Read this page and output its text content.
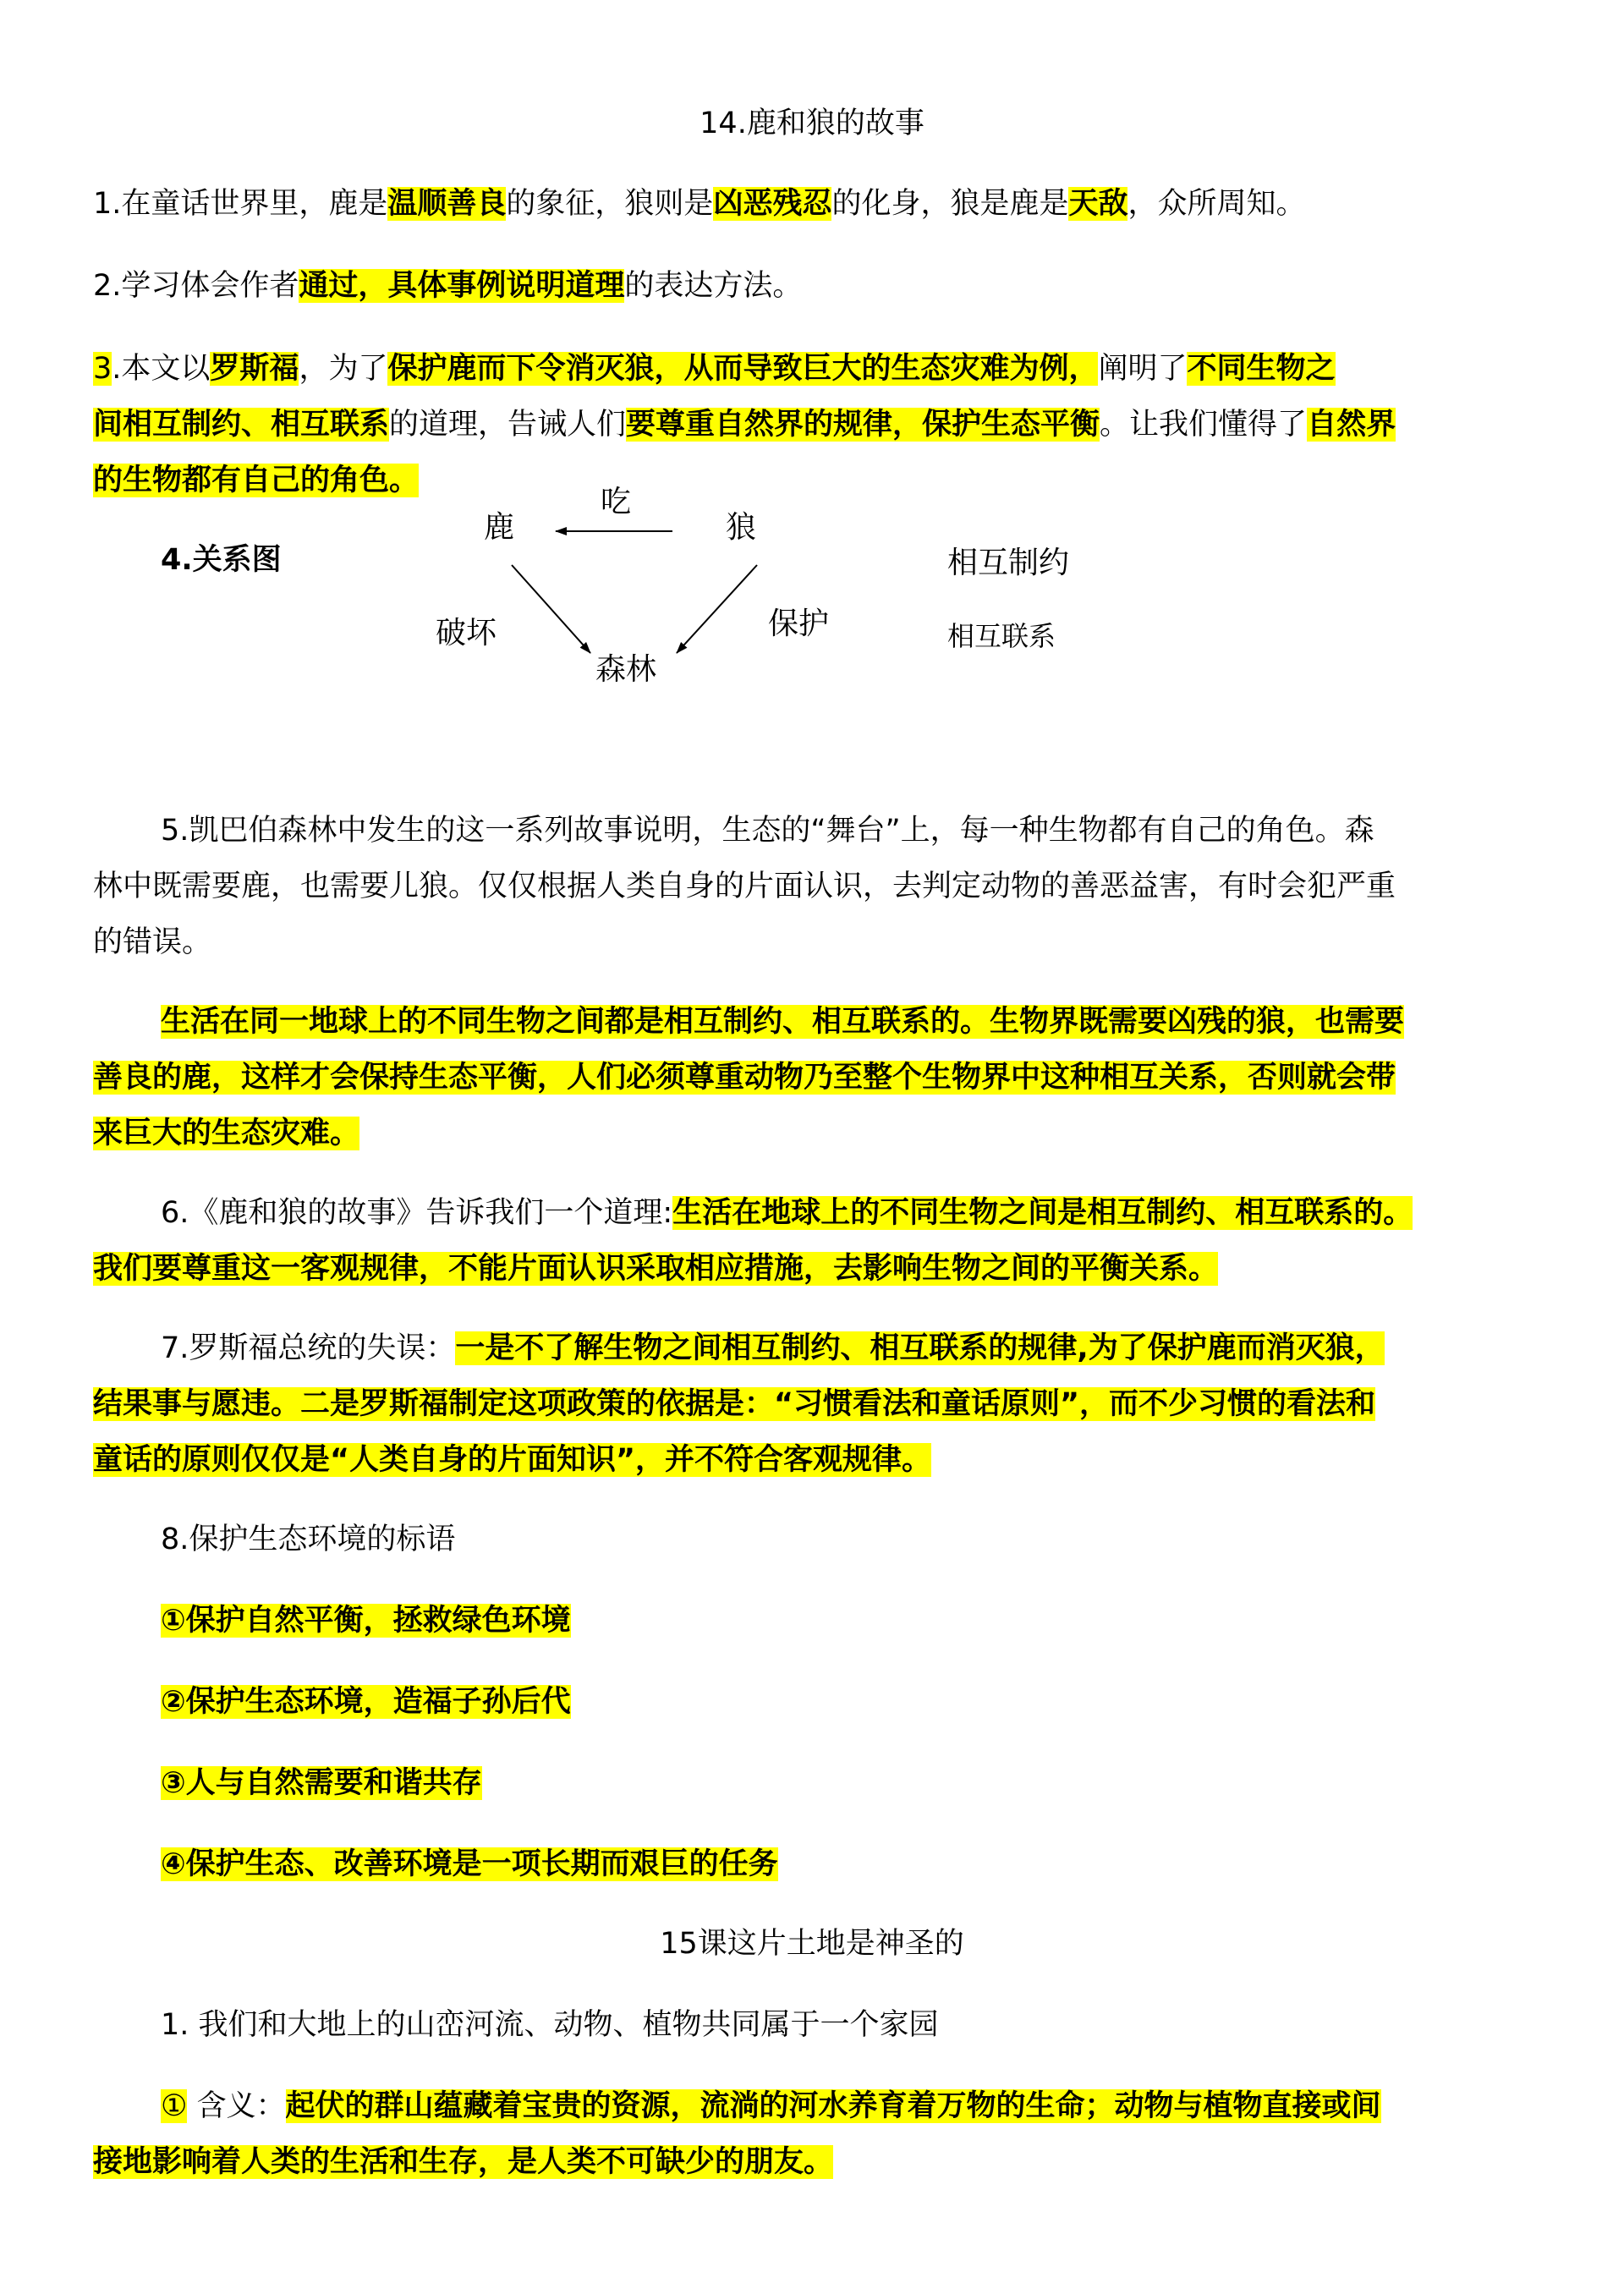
14.鹿和狼的故事
1.在童话世界里，鹿是温顺善良的象征，狼则是凶恶残忍的化身，狼是鹿是天敌，众所周知。
2.学习体会作者通过，具体事例说明道理的表达方法。
3.本文以罗斯福，为了保护鹿而下令消灭狼，从而导致巨大的生态灾难为例，阐明了不同生物之
间相互制约、相互联系的道理，告诫人们要尊重自然界的规律，保护生态平衡。让我们懂得了自然界
的生物都有自己的角色。
4.关系图
鹿
吃
狼
破坏	保护
森林
相互制约
相互联系
5.凯巴伯森林中发生的这一系列故事说明，生态的“舞台”上，每一种生物都有自己的角色。森
林中既需要鹿，也需要儿狼。仅仅根据人类自身的片面认识，去判定动物的善恶益害，有时会犯严重
的错误。
生活在同一地球上的不同生物之间都是相互制约、相互联系的。生物界既需要凶残的狼，也需要
善良的鹿，这样才会保持生态平衡，人们必须尊重动物乃至整个生物界中这种相互关系，否则就会带
来巨大的生态灾难。
6.《鹿和狼的故事》告诉我们一个道理:生活在地球上的不同生物之间是相互制约、相互联系的。
我们要尊重这一客观规律，不能片面认识采取相应措施，去影响生物之间的平衡关系。
7.罗斯福总统的失误：一是不了解生物之间相互制约、相互联系的规律,为了保护鹿而消灭狼，
结果事与愿违。二是罗斯福制定这项政策的依据是：“习惯看法和童话原则”，而不少习惯的看法和
童话的原则仅仅是“人类自身的片面知识”，并不符合客观规律。
8.保护生态环境的标语
①保护自然平衡，拯救绿色环境
②保护生态环境，造福子孙后代
③人与自然需要和谐共存
④保护生态、改善环境是一项长期而艰巨的任务
15课这片土地是神圣的
1. 我们和大地上的山峦河流、动物、植物共同属于一个家园
① 含义：起伏的群山蕴藏着宝贵的资源，流淌的河水养育着万物的生命；动物与植物直接或间
接地影响着人类的生活和生存，是人类不可缺少的朋友。
